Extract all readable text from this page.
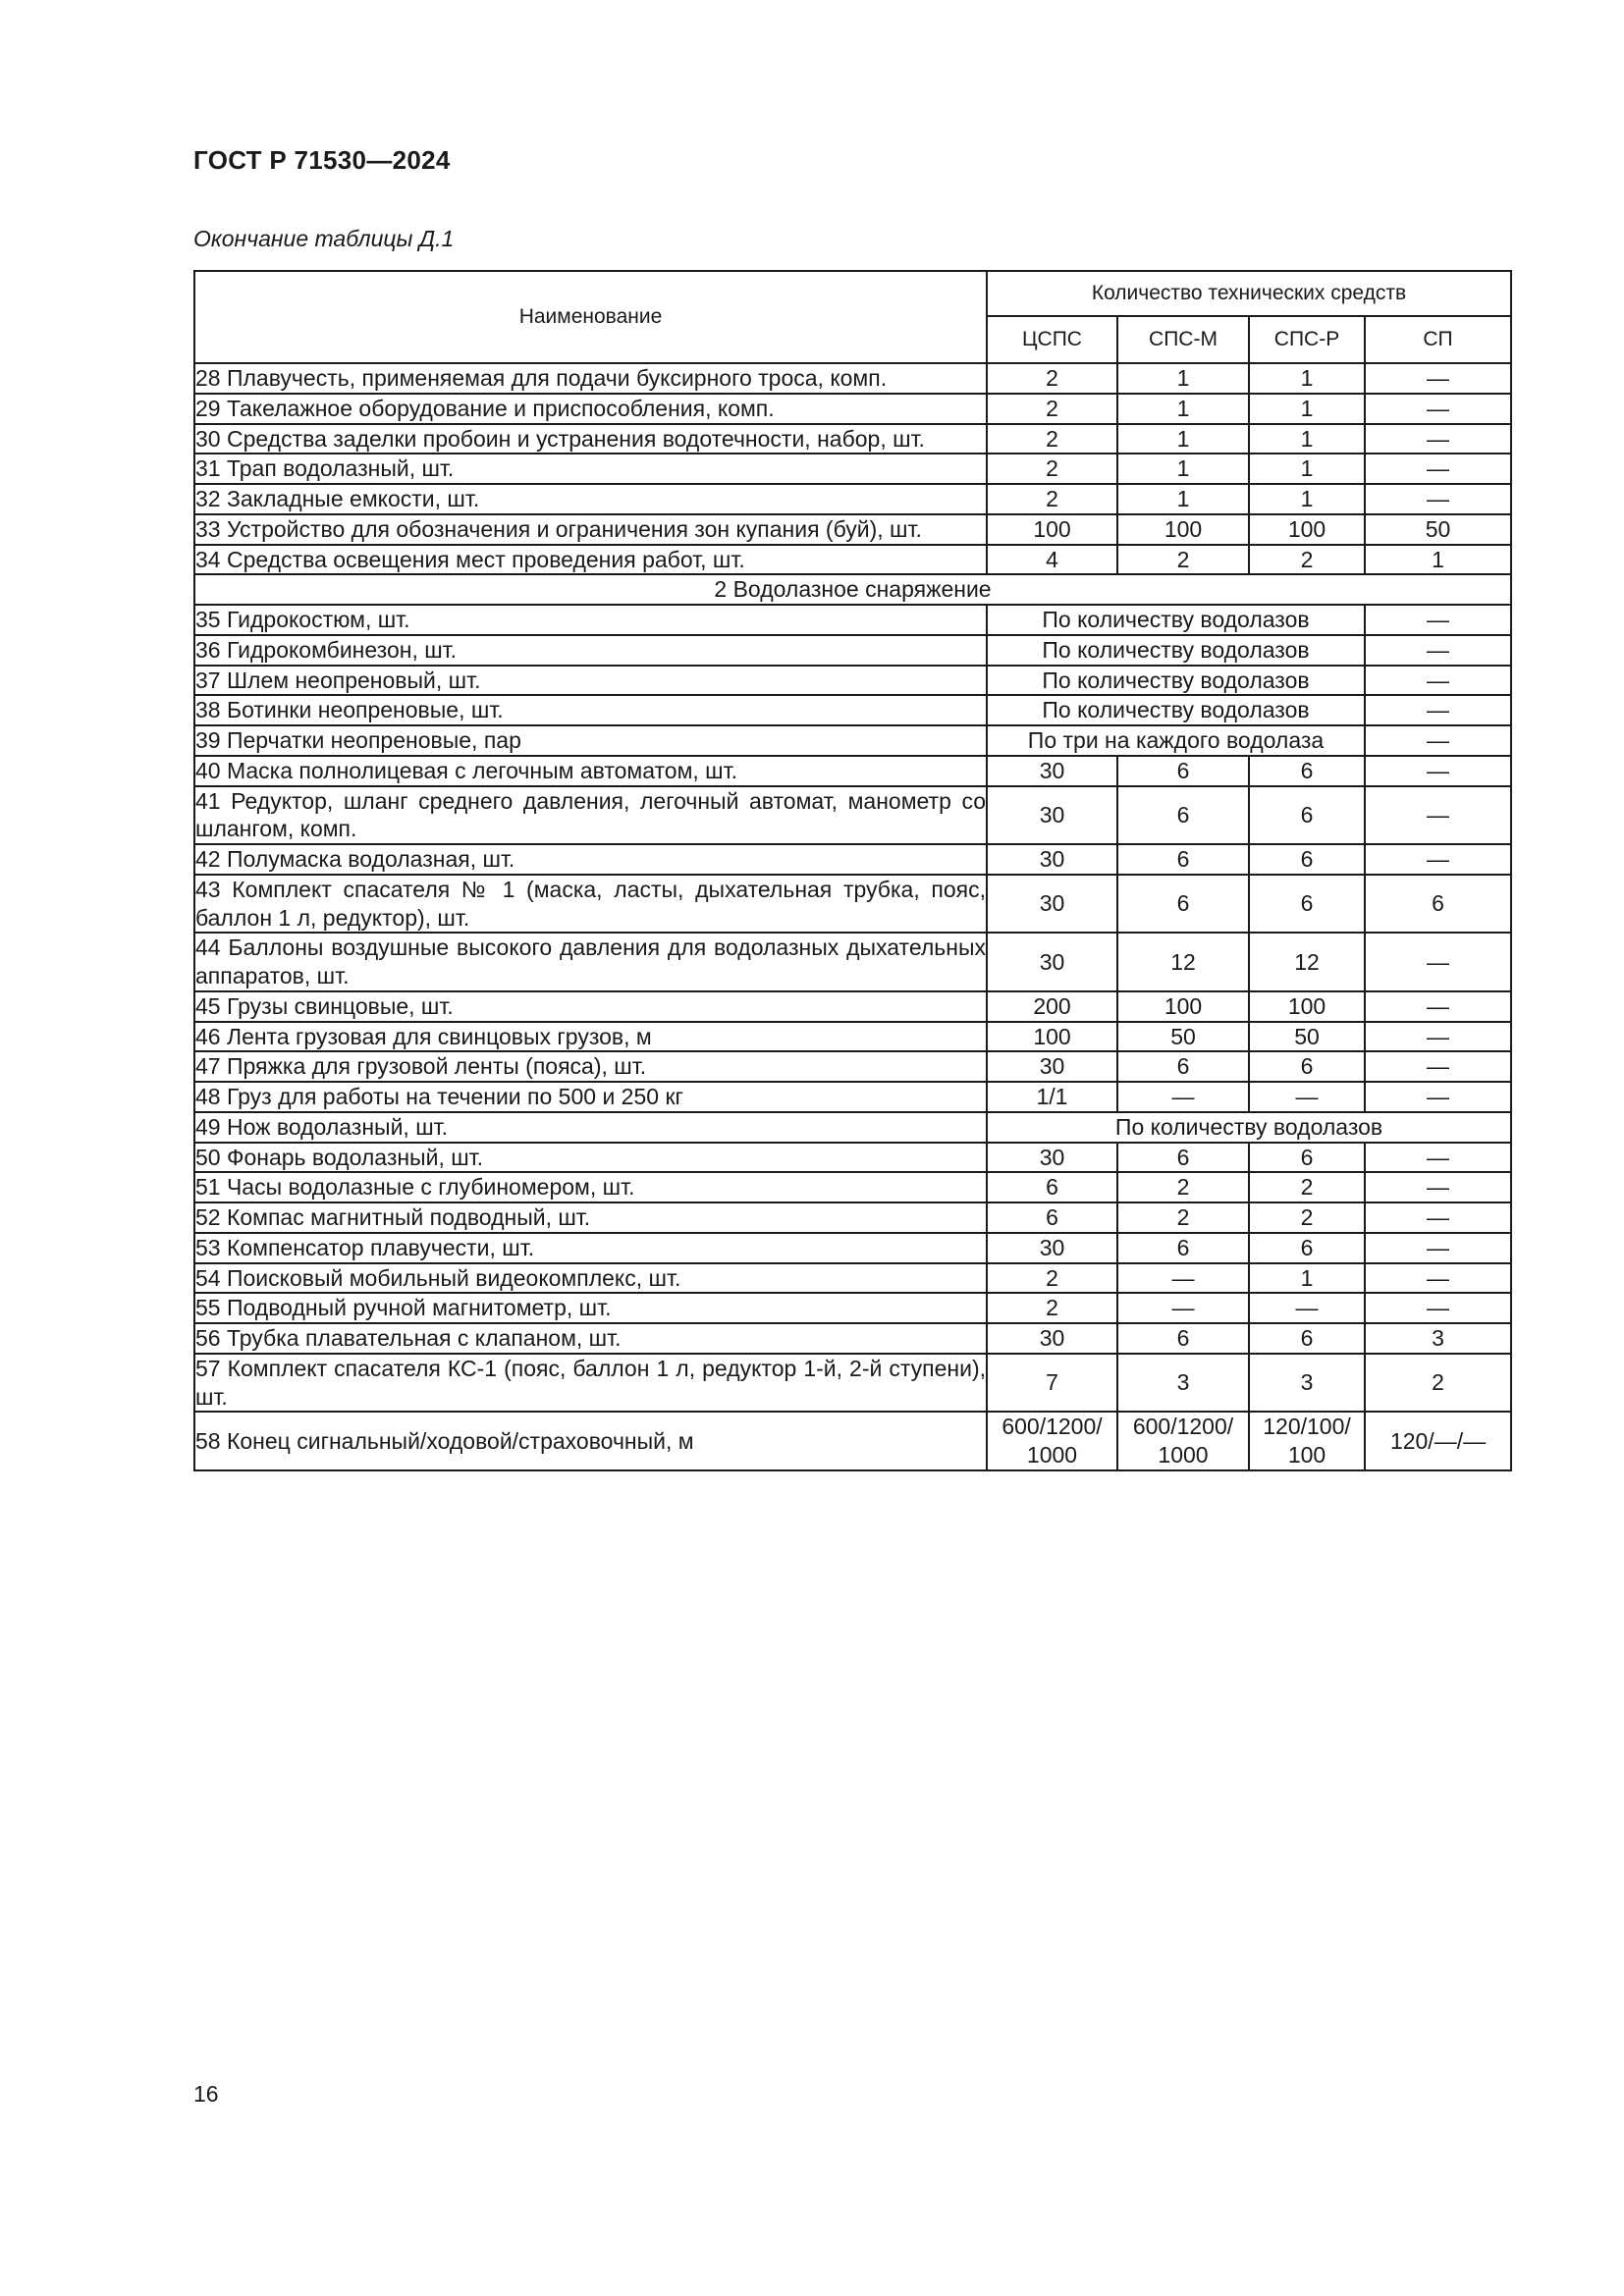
ГОСТ Р 71530—2024
Окончание таблицы Д.1
Наименование	Количество технических средств			
	ЦСПС	СПС-М	СПС-Р	СП
28 Плавучесть, применяемая для подачи буксирного троса, комп.	2	1	1	—
29 Такелажное оборудование и приспособления, комп.	2	1	1	—
30 Средства заделки пробоин и устранения водотечности, набор, шт.	2	1	1	—
31 Трап водолазный, шт.	2	1	1	—
32 Закладные емкости, шт.	2	1	1	—
33 Устройство для обозначения и ограничения зон купания (буй), шт.	100	100	100	50
34 Средства освещения мест проведения работ, шт.	4	2	2	1
2 Водолазное снаряжение				
35 Гидрокостюм, шт.	По количеству водолазов			—
36 Гидрокомбинезон, шт.	По количеству водолазов			—
37 Шлем неопреновый, шт.	По количеству водолазов			—
38 Ботинки неопреновые, шт.	По количеству водолазов			—
39 Перчатки неопреновые, пар	По три на каждого водолаза			—
40 Маска полнолицевая с легочным автоматом, шт.	30	6	6	—
41 Редуктор, шланг среднего давления, легочный автомат, манометр со шлангом, комп.	30	6	6	—
42 Полумаска водолазная, шт.	30	6	6	—
43 Комплект спасателя № 1 (маска, ласты, дыхательная трубка, пояс, баллон 1 л, редуктор), шт.	30	6	6	6
44 Баллоны воздушные высокого давления для водолазных дыхательных аппаратов, шт.	30	12	12	—
45 Грузы свинцовые, шт.	200	100	100	—
46 Лента грузовая для свинцовых грузов, м	100	50	50	—
47 Пряжка для грузовой ленты (пояса), шт.	30	6	6	—
48 Груз для работы на течении по 500 и 250 кг	1/1	—	—	—
49 Нож водолазный, шт.	По количеству водолазов			
50 Фонарь водолазный, шт.	30	6	6	—
51 Часы водолазные с глубиномером, шт.	6	2	2	—
52 Компас магнитный подводный, шт.	6	2	2	—
53 Компенсатор плавучести, шт.	30	6	6	—
54 Поисковый мобильный видеокомплекс, шт.	2	—	1	—
55 Подводный ручной магнитометр, шт.	2	—	—	—
56 Трубка плавательная с клапаном, шт.	30	6	6	3
57 Комплект спасателя КС-1 (пояс, баллон 1 л, редуктор 1-й, 2-й ступени), шт.	7	3	3	2
58 Конец сигнальный/ходовой/страховочный, м	600/1200/ 1000	600/1200/ 1000	120/100/ 100	120/—/—
16
